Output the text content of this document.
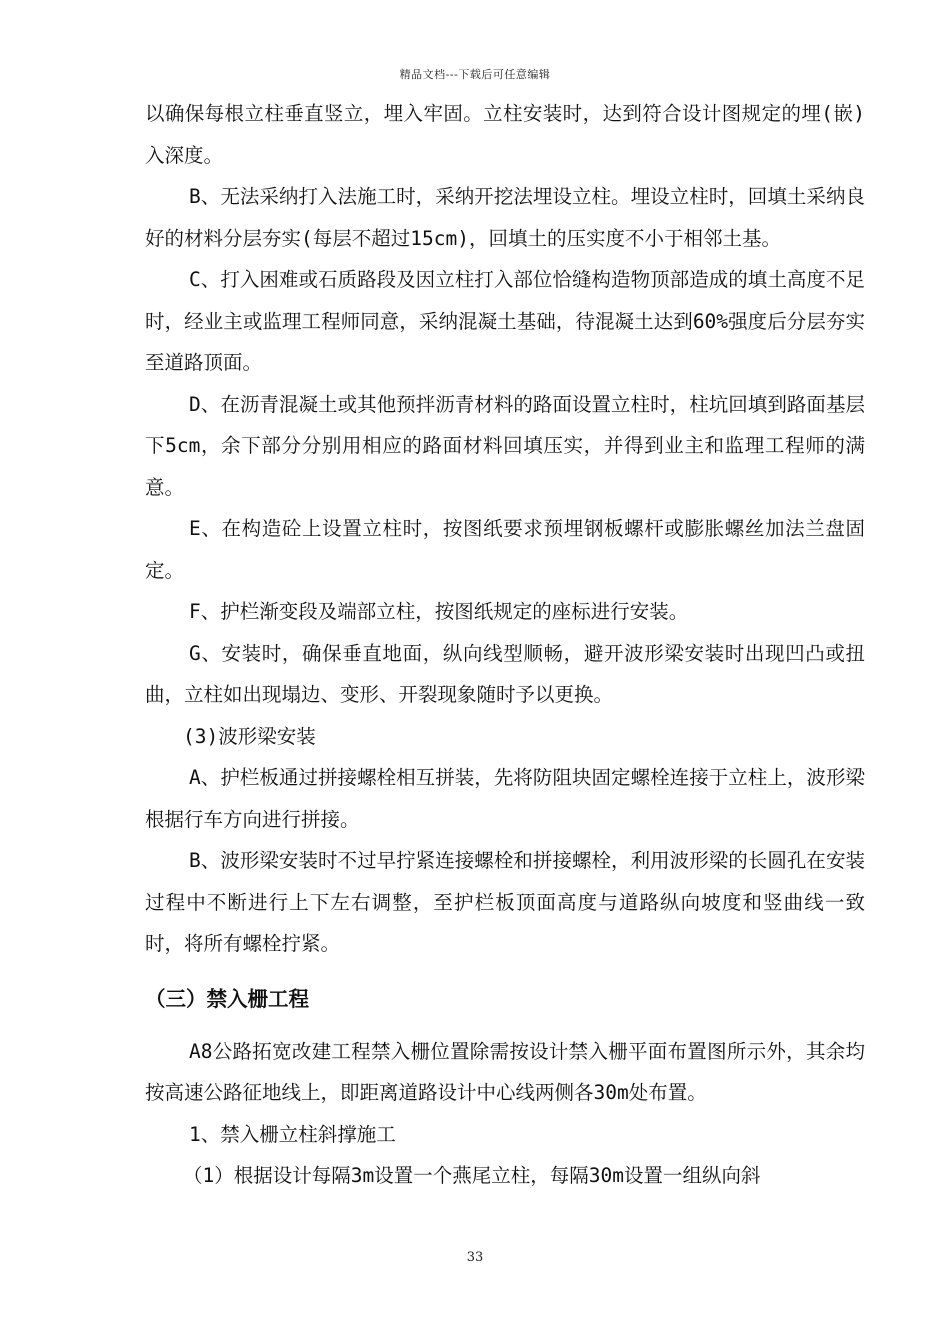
精品文档---下载后可任意编辑

以确保每根立柱垂直竖立，埋入牢固。立柱安装时，达到符合设计图规定的埋(嵌)入深度。

B、无法采纳打入法施工时，采纳开挖法埋设立柱。埋设立柱时，回填土采纳良好的材料分层夯实(每层不超过15cm)，回填土的压实度不小于相邻土基。

C、打入困难或石质路段及因立柱打入部位恰缝构造物顶部造成的填土高度不足时，经业主或监理工程师同意，采纳混凝土基础，待混凝土达到60%强度后分层夯实至道路顶面。

D、在沥青混凝土或其他预拌沥青材料的路面设置立柱时，柱坑回填到路面基层下5cm，余下部分分别用相应的路面材料回填压实，并得到业主和监理工程师的满意。

E、在构造砼上设置立柱时，按图纸要求预埋钢板螺杆或膨胀螺丝加法兰盘固定。

F、护栏渐变段及端部立柱，按图纸规定的座标进行安装。

G、安装时，确保垂直地面，纵向线型顺畅，避开波形梁安装时出现凹凸或扭曲，立柱如出现塌边、变形、开裂现象随时予以更换。

(3)波形梁安装

A、护栏板通过拼接螺栓相互拼装，先将防阻块固定螺栓连接于立柱上，波形梁根据行车方向进行拼接。

B、波形梁安装时不过早拧紧连接螺栓和拼接螺栓，利用波形梁的长圆孔在安装过程中不断进行上下左右调整，至护栏板顶面高度与道路纵向坡度和竖曲线一致时，将所有螺栓拧紧。

（三）禁入栅工程

A8公路拓宽改建工程禁入栅位置除需按设计禁入栅平面布置图所示外，其余均按高速公路征地线上，即距离道路设计中心线两侧各30m处布置。

1、禁入栅立柱斜撑施工

（1）根据设计每隔3m设置一个燕尾立柱，每隔30m设置一组纵向斜

33
